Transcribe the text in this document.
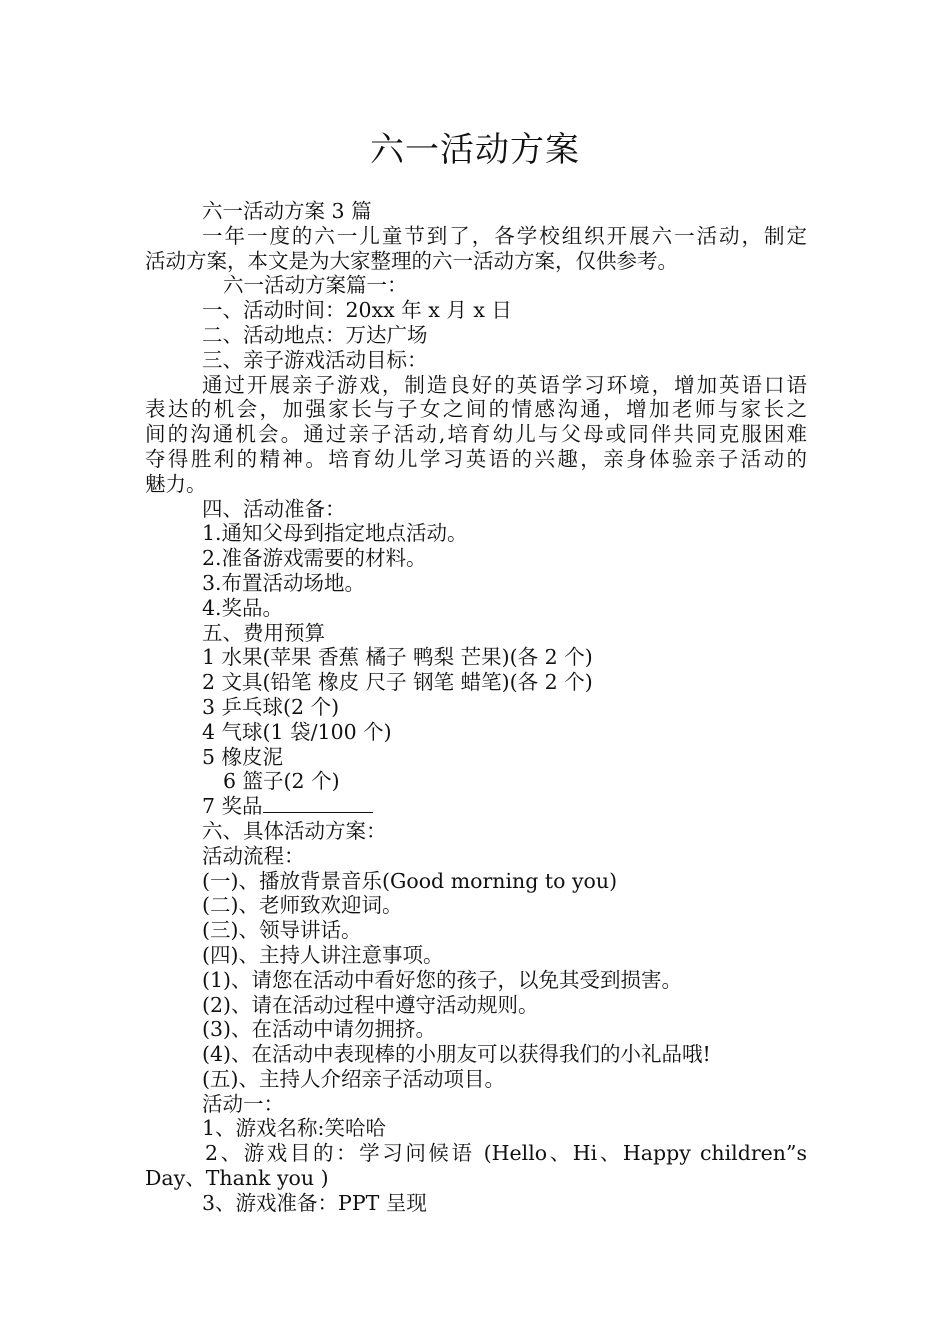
六一活动方案
六一活动方案 3 篇
一年一度的六一儿童节到了，各学校组织开展六一活动，制定
活动方案，本文是为大家整理的六一活动方案，仅供参考。
六一活动方案篇一：
一、活动时间：20xx 年 x 月 x 日
二、活动地点：万达广场
三、亲子游戏活动目标：
通过开展亲子游戏，制造良好的英语学习环境，增加英语口语
表达的机会，加强家长与子女之间的情感沟通，增加老师与家长之
间的沟通机会。通过亲子活动,培育幼儿与父母或同伴共同克服困难
夺得胜利的精神。培育幼儿学习英语的兴趣，亲身体验亲子活动的
魅力。
四、活动准备：
1.通知父母到指定地点活动。
2.准备游戏需要的材料。
3.布置活动场地。
4.奖品。
五、费用预算
1 水果(苹果 香蕉 橘子 鸭梨 芒果)(各 2 个)
2 文具(铅笔 橡皮 尺子 钢笔 蜡笔)(各 2 个)
3 乒乓球(2 个)
4 气球(1 袋/100 个)
5 橡皮泥
6 篮子(2 个)
7 奖品
六、具体活动方案：
活动流程：
(一)、播放背景音乐(Good morning to you)
(二)、老师致欢迎词。
(三)、领导讲话。
(四)、主持人讲注意事项。
(1)、请您在活动中看好您的孩子，以免其受到损害。
(2)、请在活动过程中遵守活动规则。
(3)、在活动中请勿拥挤。
(4)、在活动中表现棒的小朋友可以获得我们的小礼品哦!
(五)、主持人介绍亲子活动项目。
活动一：
1、游戏名称:笑哈哈
2、游戏目的：学习问候语 (Hello、Hi、Happy children”s
Day、Thank you )
3、游戏准备：PPT 呈现
